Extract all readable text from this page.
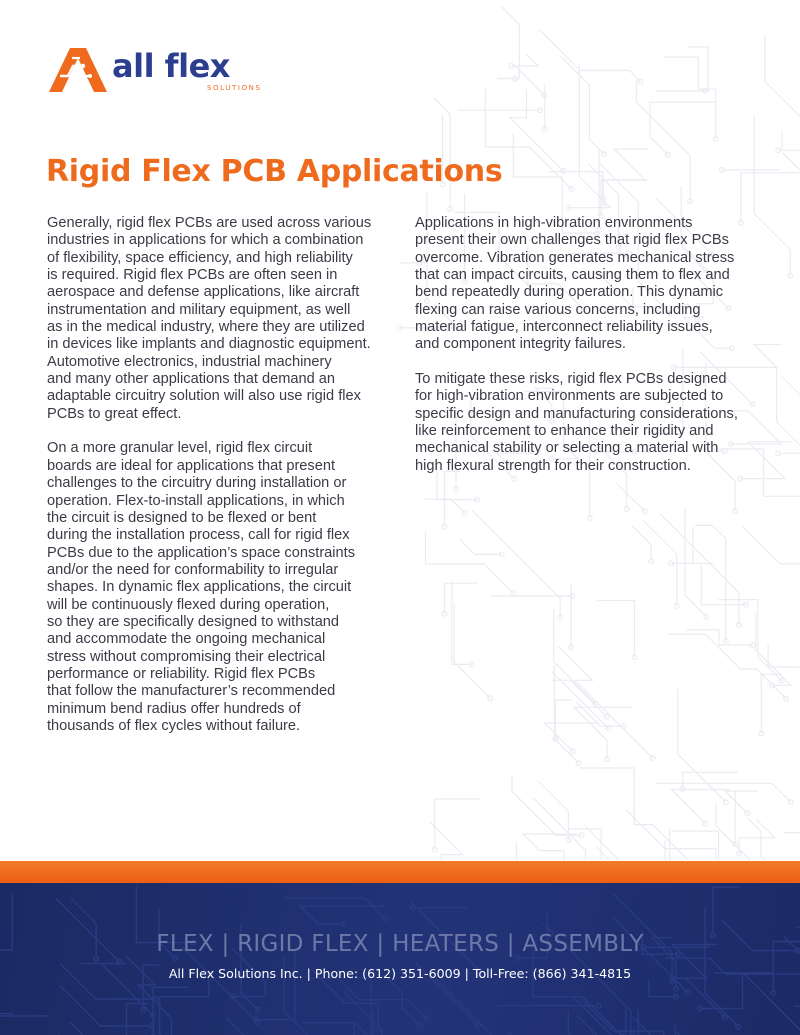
all flex
SOLUTIONS
Rigid Flex PCB Applications

Generally, rigid flex PCBs are used across various
industries in applications for which a combination
of flexibility, space efficiency, and high reliability
is required. Rigid flex PCBs are often seen in
aerospace and defense applications, like aircraft
instrumentation and military equipment, as well
as in the medical industry, where they are utilized
in devices like implants and diagnostic equipment.
Automotive electronics, industrial machinery
and many other applications that demand an
adaptable circuitry solution will also use rigid flex
PCBs to great effect.

On a more granular level, rigid flex circuit
boards are ideal for applications that present
challenges to the circuitry during installation or
operation. Flex-to-install applications, in which
the circuit is designed to be flexed or bent
during the installation process, call for rigid flex
PCBs due to the application’s space constraints
and/or the need for conformability to irregular
shapes. In dynamic flex applications, the circuit
will be continuously flexed during operation,
so they are specifically designed to withstand
and accommodate the ongoing mechanical
stress without compromising their electrical
performance or reliability. Rigid flex PCBs
that follow the manufacturer’s recommended
minimum bend radius offer hundreds of
thousands of flex cycles without failure.

Applications in high-vibration environments
present their own challenges that rigid flex PCBs
overcome. Vibration generates mechanical stress
that can impact circuits, causing them to flex and
bend repeatedly during operation. This dynamic
flexing can raise various concerns, including
material fatigue, interconnect reliability issues,
and component integrity failures.

To mitigate these risks, rigid flex PCBs designed
for high-vibration environments are subjected to
specific design and manufacturing considerations,
like reinforcement to enhance their rigidity and
mechanical stability or selecting a material with
high flexural strength for their construction.

FLEX | RIGID FLEX | HEATERS | ASSEMBLY
All Flex Solutions Inc. | Phone: (612) 351-6009 | Toll-Free: (866) 341-4815
